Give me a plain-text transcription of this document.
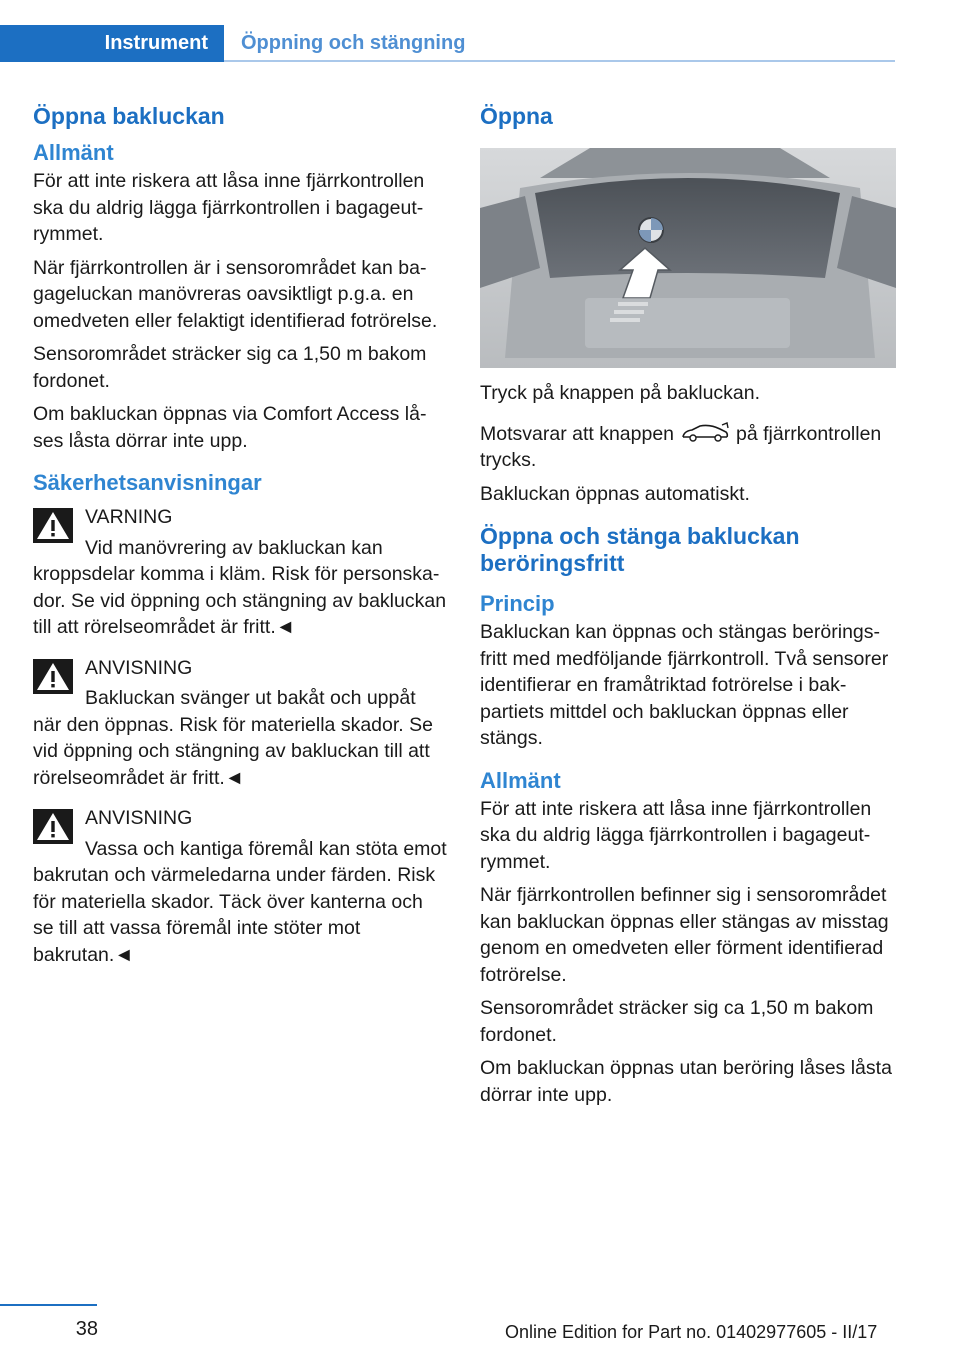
Instrument	Öppning och stängning
Öppna bakluckan
Allmänt

För att inte riskera att låsa inne fjärrkontrollen ska du aldrig lägga fjärrkontrollen i bagageutrymmet.

När fjärrkontrollen är i sensorområdet kan bagageluckan manövreras oavsiktligt p.g.a. en omedveten eller felaktigt identifierad fotrörelse.

Sensorområdet sträcker sig ca 1,50 m bakom fordonet.

Om bakluckan öppnas via Comfort Access låses låsta dörrar inte upp.

Säkerhetsanvisningar
VARNING
Vid manövrering av bakluckan kan kroppsdelar komma i kläm. Risk för personskador. Se vid öppning och stängning av bakluckan till att rörelseområdet är fritt.◄
ANVISNING
Bakluckan svänger ut bakåt och uppåt när den öppnas. Risk för materiella skador. Se vid öppning och stängning av bakluckan till att rörelseområdet är fritt.◄
ANVISNING
Vassa och kantiga föremål kan stöta emot bakrutan och värmeledarna under färden. Risk för materiella skador. Täck över kanterna och se till att vassa föremål inte stöter mot bakrutan.◄
Öppna

Tryck på knappen på bakluckan.

Motsvarar att knappen	på fjärrkontrollen trycks.

Bakluckan öppnas automatiskt.

Öppna och stänga bakluckan beröringsfritt
Princip

Bakluckan kan öppnas och stängas beröringsfritt med medföljande fjärrkontroll. Två sensorer identifierar en framåtriktad fotrörelse i bakpartiets mittdel och bakluckan öppnas eller stängs.

Allmänt

För att inte riskera att låsa inne fjärrkontrollen ska du aldrig lägga fjärrkontrollen i bagageutrymmet.

När fjärrkontrollen befinner sig i sensorområdet kan bakluckan öppnas eller stängas av misstag genom en omedveten eller förment identifierad fotrörelse.

Sensorområdet sträcker sig ca 1,50 m bakom fordonet.

Om bakluckan öppnas utan beröring låses låsta dörrar inte upp.

38	Online Edition for Part no. 01402977605 - II/17
